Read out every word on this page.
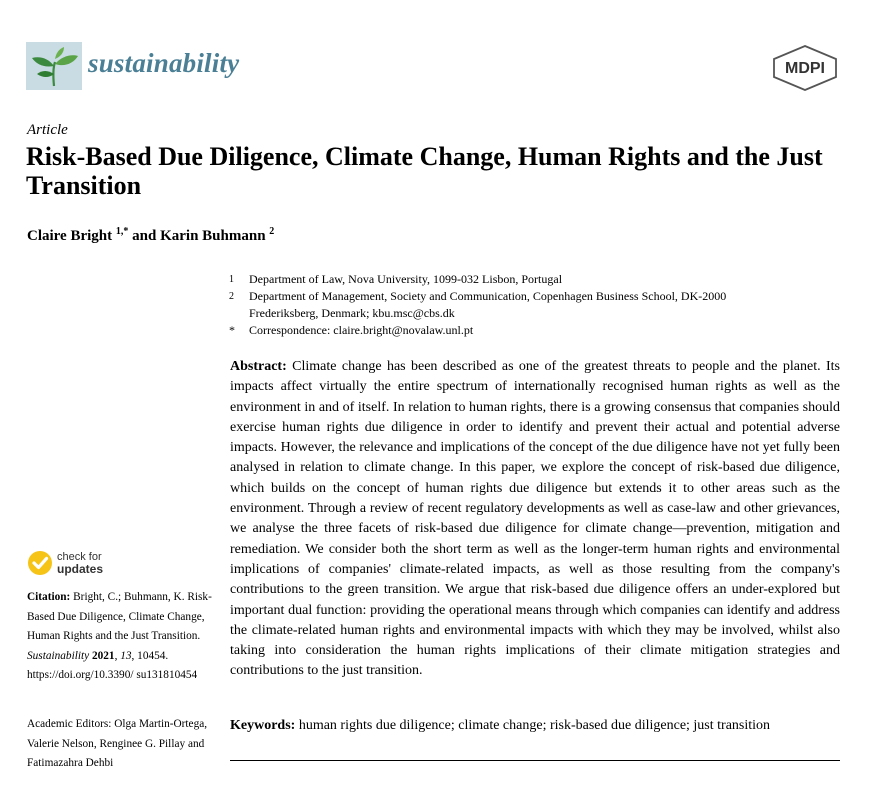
sustainability	MDPI
Article
Risk-Based Due Diligence, Climate Change, Human Rights and the Just Transition
Claire Bright $^{1,*}$ and Karin Buhmann $^2$
1	Department of Law, Nova University, 1099-032 Lisbon, Portugal
2	Department of Management, Society and Communication, Copenhagen Business School, DK-2000 Frederiksberg, Denmark; kbu.msc@cbs.dk
*	Correspondence: claire.bright@novalaw.unl.pt
Abstract: Climate change has been described as one of the greatest threats to people and the planet. Its impacts affect virtually the entire spectrum of internationally recognised human rights as well as the environment in and of itself. In relation to human rights, there is a growing consensus that companies should exercise human rights due diligence in order to identify and prevent their actual and potential adverse impacts. However, the relevance and implications of the concept of the due diligence have not yet fully been analysed in relation to climate change. In this paper, we explore the concept of risk-based due diligence, which builds on the concept of human rights due diligence but extends it to other areas such as the environment. Through a review of recent regulatory developments as well as case-law and other grievances, we analyse the three facets of risk-based due diligence for climate change—prevention, mitigation and remediation. We consider both the short term as well as the longer-term human rights and environmental implications of companies' climate-related impacts, as well as those resulting from the company's contributions to the green transition. We argue that risk-based due diligence offers an under-explored but important dual function: providing the operational means through which companies can identify and address the climate-related human rights and environmental impacts with which they may be involved, whilst also taking into consideration the human rights implications of their climate mitigation strategies and contributions to the just transition.
Keywords: human rights due diligence; climate change; risk-based due diligence; just transition
check for
updates
Citation: Bright, C.; Buhmann, K. Risk-Based Due Diligence, Climate Change, Human Rights and the Just Transition. Sustainability 2021, 13, 10454. https://doi.org/10.3390/ su131810454
Academic Editors: Olga Martin-Ortega, Valerie Nelson, Renginee G. Pillay and Fatimazahra Dehbi
